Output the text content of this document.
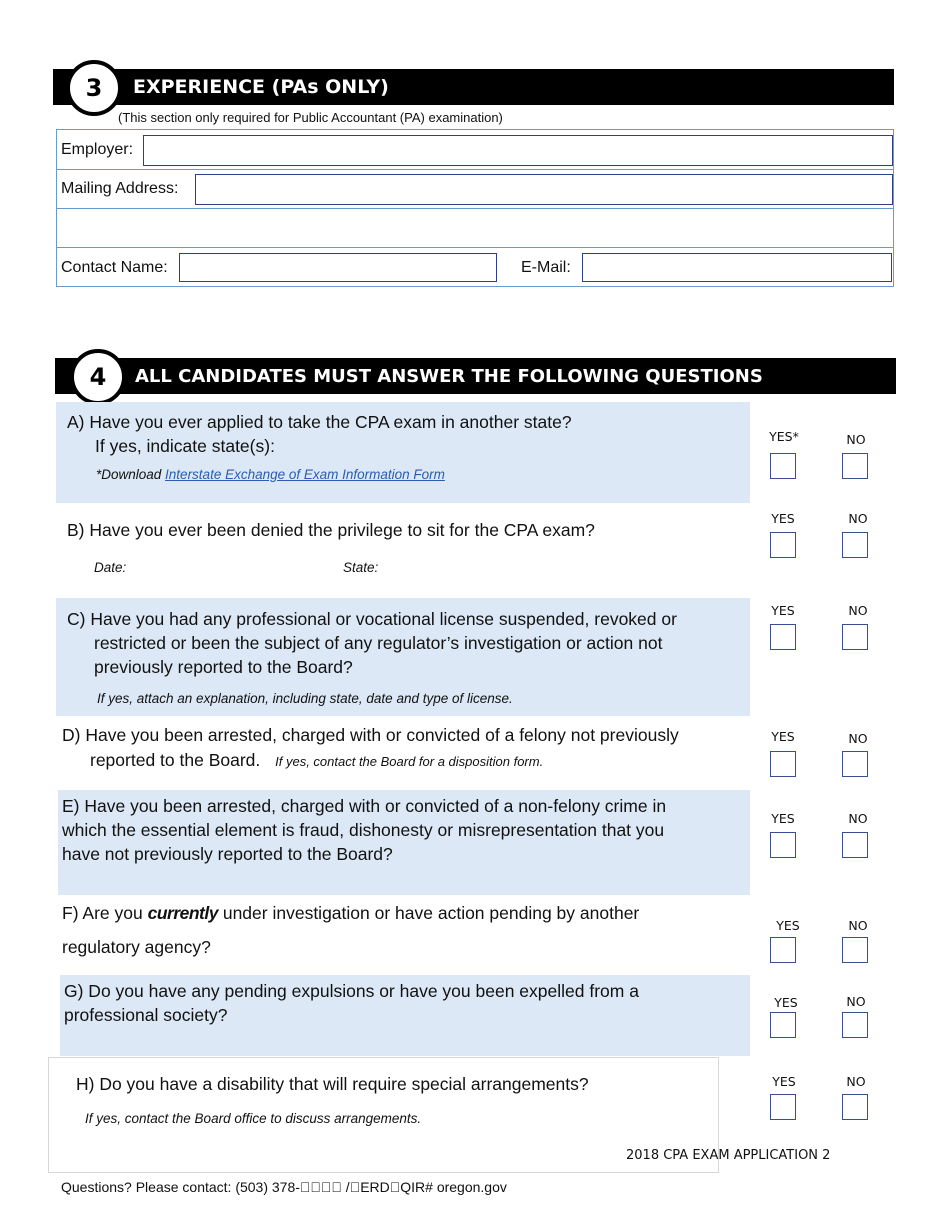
3 EXPERIENCE (PAs ONLY)
(This section only required for Public Accountant (PA) examination)
Employer:
Mailing Address:
Contact Name:	E-Mail:
4 ALL CANDIDATES MUST ANSWER THE FOLLOWING QUESTIONS
A) Have you ever applied to take the CPA exam in another state?
If yes, indicate state(s):
*Download Interstate Exchange of Exam Information Form
YES*	NO
B) Have you ever been denied the privilege to sit for the CPA exam?
Date:	State:
YES	NO
C) Have you had any professional or vocational license suspended, revoked or
restricted or been the subject of any regulator’s investigation or action not
previously reported to the Board?
If yes, attach an explanation, including state, date and type of license.
YES	NO
D) Have you been arrested, charged with or convicted of a felony not previously
reported to the Board. If yes, contact the Board for a disposition form.
YES	NO
E) Have you been arrested, charged with or convicted of a non-felony crime in
which the essential element is fraud, dishonesty or misrepresentation that you
have not previously reported to the Board?
YES	NO
F) Are you currently under investigation or have action pending by another
regulatory agency?
YES	NO
G) Do you have any pending expulsions or have you been expelled from a
professional society?
YES	NO
H) Do you have a disability that will require special arrangements?
If yes, contact the Board office to discuss arrangements.
YES	NO
2018 CPA EXAM APPLICATION 2
Questions? Please contact: (503) 378-􀀀􀀀􀀀􀀀 /􀀀ERD􀀀QIR# oregon.gov
